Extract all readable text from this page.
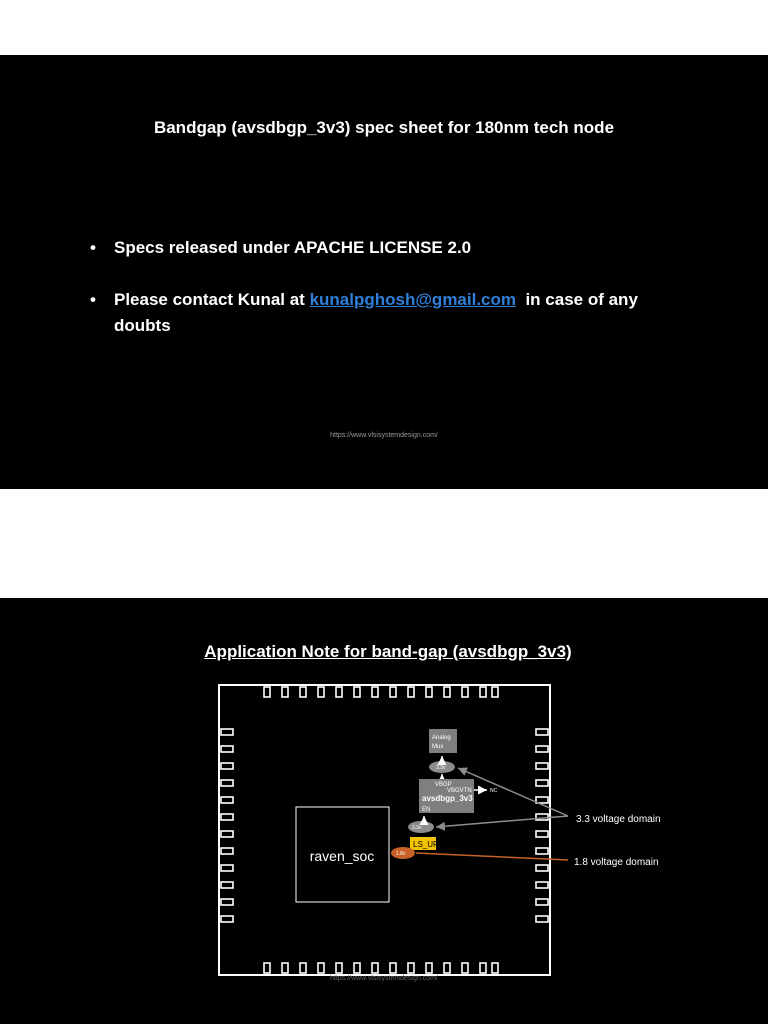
Bandgap (avsdbgp_3v3) spec sheet for 180nm tech node
• Specs released under APACHE LICENSE 2.0
• Please contact Kunal at kunalpghosh@gmail.com  in case of any doubts
https://www.vlsisystemdesign.com/
Application Note for band-gap (avsdbgp_3v3)
raven_soc
Analog
Mux
3.3v
VBGP
VBGVTN
avsdbgp_3v3
EN
NC
3.3v
LS_UP
1.8v
3.3 voltage domain
1.8 voltage domain
https://www.vlsisystemdesign.com/
